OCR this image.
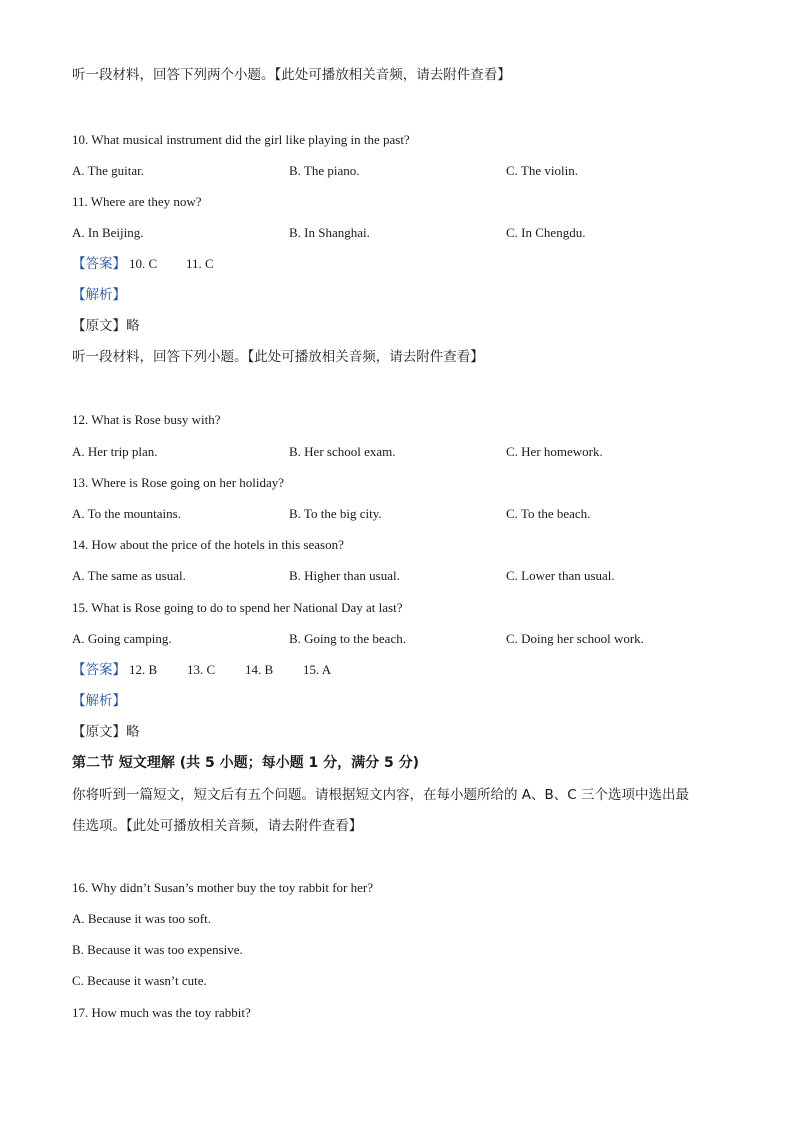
听一段材料，回答下列两个小题。【此处可播放相关音频，请去附件查看】
10. What musical instrument did the girl like playing in the past?
A. The guitar.	B. The piano.	C. The violin.
11. Where are they now?
A. In Beijing.	B. In Shanghai.	C. In Chengdu.
【答案】 10. C 11. C
【解析】
【原文】略
听一段材料，回答下列小题。【此处可播放相关音频，请去附件查看】
12. What is Rose busy with?
A. Her trip plan.	B. Her school exam.	C. Her homework.
13. Where is Rose going on her holiday?
A. To the mountains.	B. To the big city.	C. To the beach.
14. How about the price of the hotels in this season?
A. The same as usual.	B. Higher than usual.	C. Lower than usual.
15. What is Rose going to do to spend her National Day at last?
A. Going camping.	B. Going to the beach.	C. Doing her school work.
【答案】 12. B 13. C 14. B 15. A
【解析】
【原文】略
第二节 短文理解 (共 5 小题；每小题 1 分，满分 5 分)
你将听到一篇短文，短文后有五个问题。请根据短文内容，在每小题所给的 A、B、C 三个选项中选出最
佳选项。【此处可播放相关音频，请去附件查看】
16. Why didn’t Susan’s mother buy the toy rabbit for her?
A. Because it was too soft.
B. Because it was too expensive.
C. Because it wasn’t cute.
17. How much was the toy rabbit?
